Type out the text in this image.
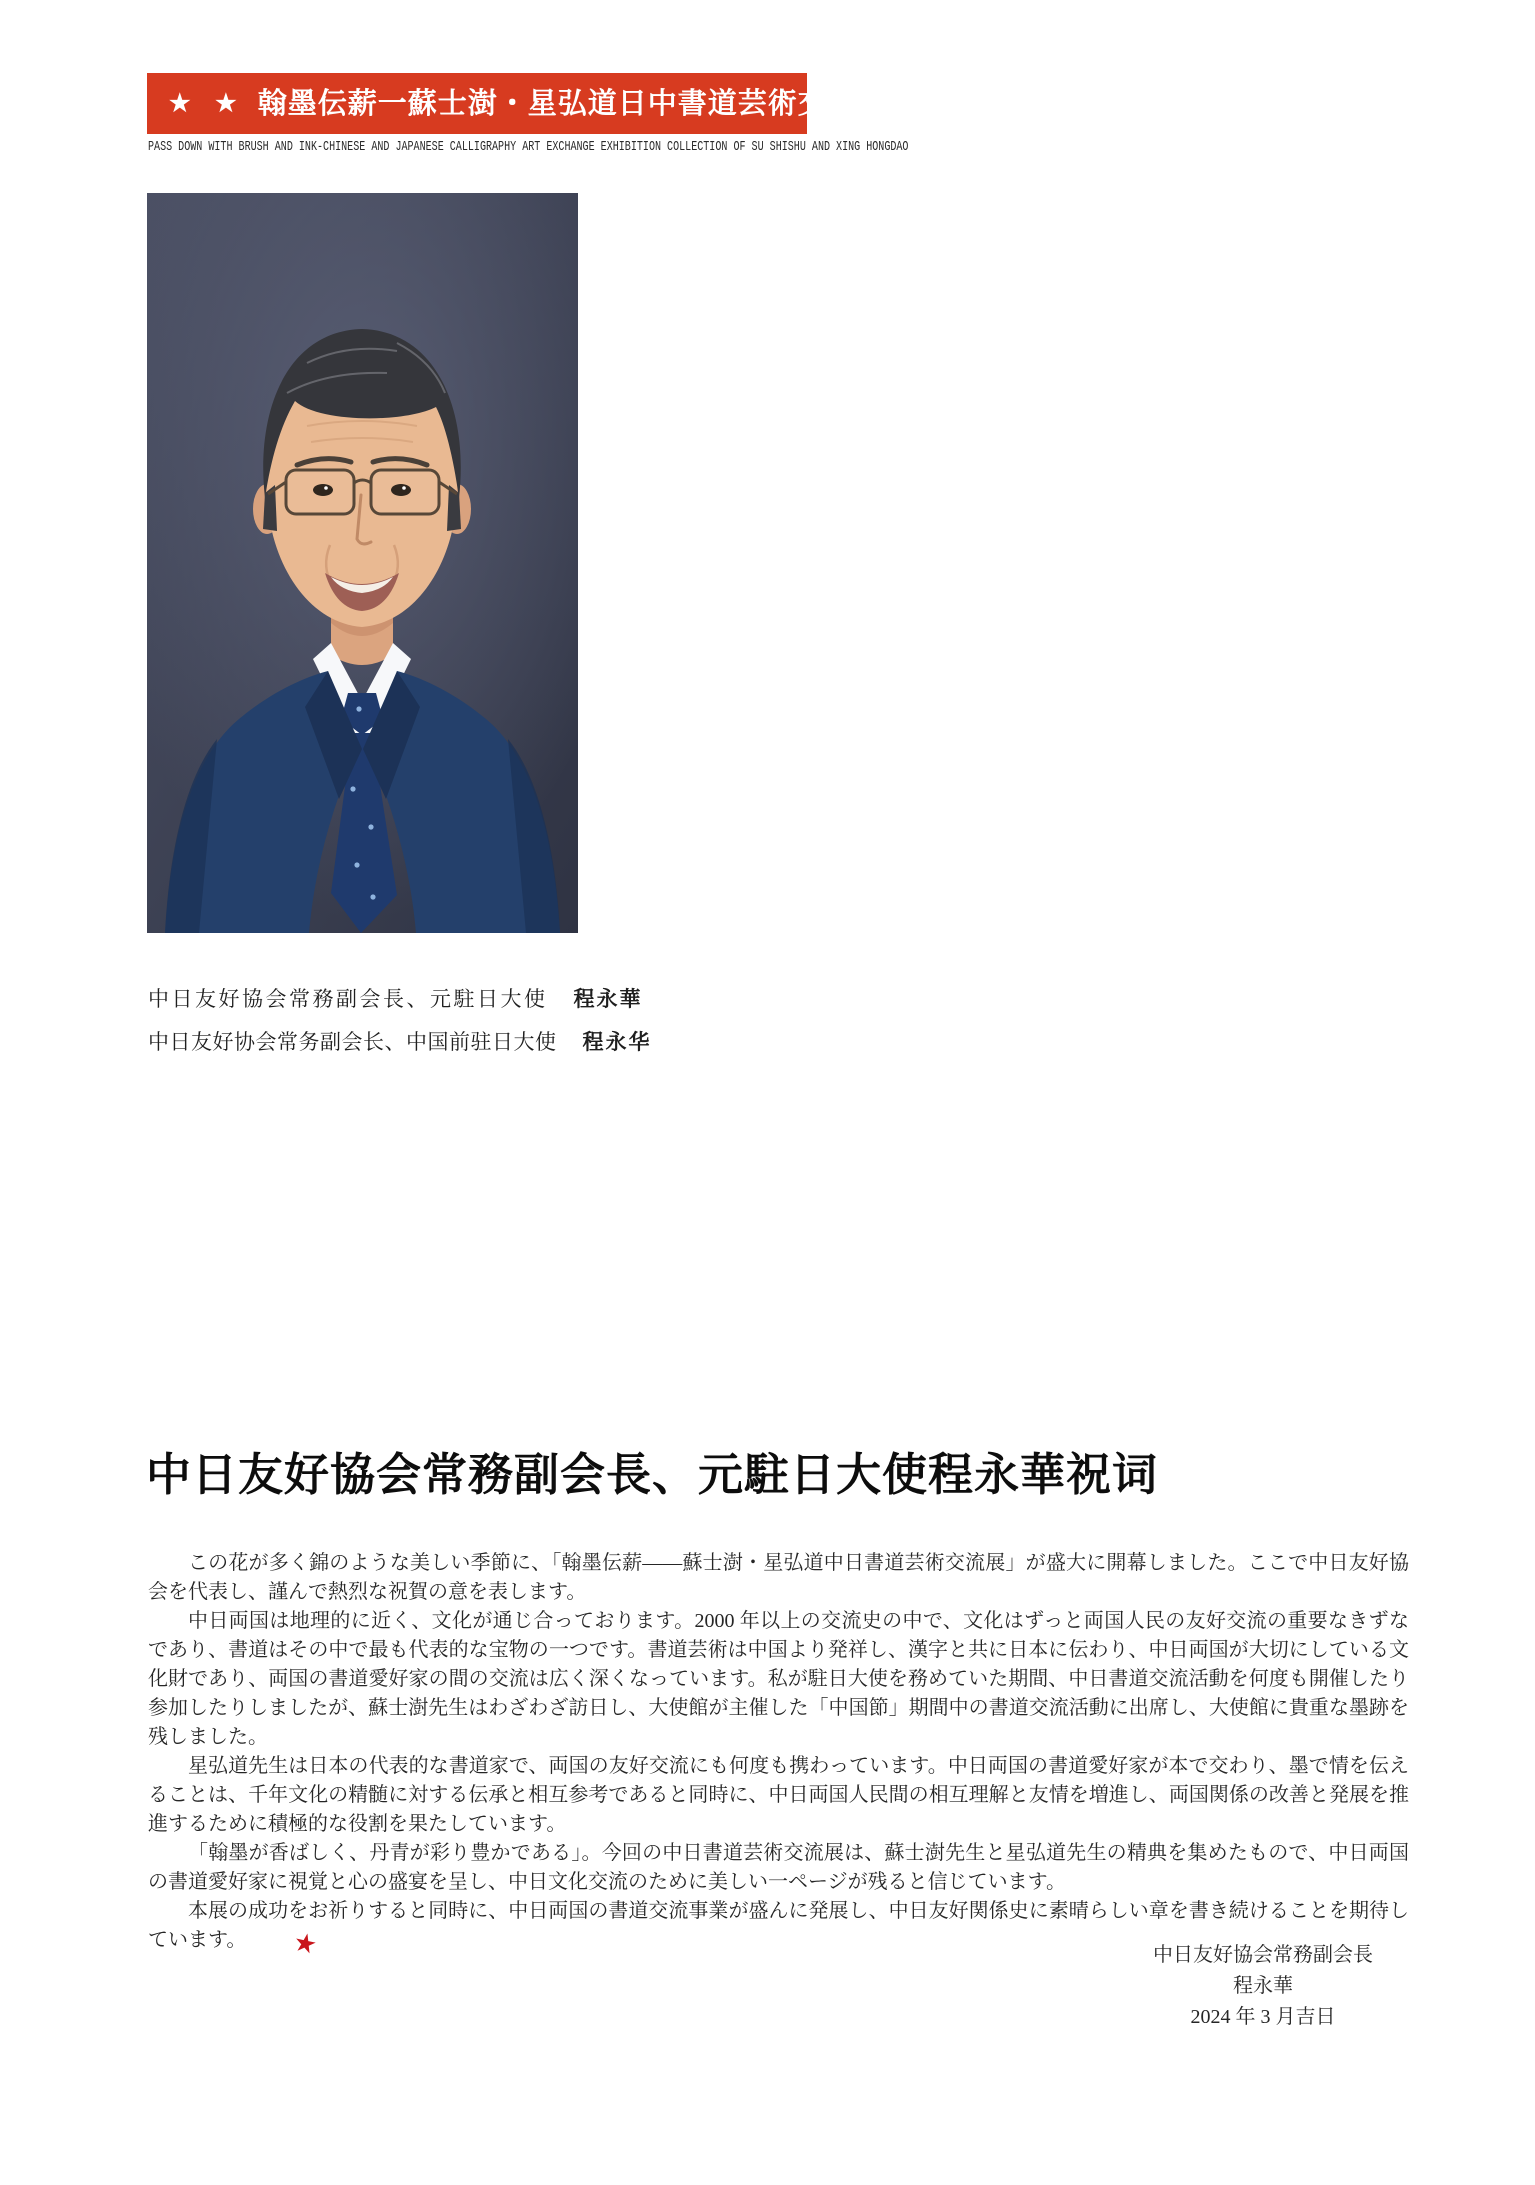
★ ★ 翰墨伝薪一蘇士澍・星弘道日中書道芸術交流展作品集
PASS DOWN WITH BRUSH AND INK-CHINESE AND JAPANESE CALLIGRAPHY ART EXCHANGE EXHIBITION COLLECTION OF SU SHISHU AND XING HONGDAO
中日友好協会常務副会長、元駐日大使 程永華
中日友好协会常务副会长、中国前驻日大使 程永华
中日友好協会常務副会長、元駐日大使程永華祝词

この花が多く錦のような美しい季節に、「翰墨伝薪——蘇士澍・星弘道中日書道芸術交流展」が盛大に開幕しました。ここで中日友好協会を代表し、謹んで熱烈な祝賀の意を表します。

中日両国は地理的に近く、文化が通じ合っております。2000 年以上の交流史の中で、文化はずっと両国人民の友好交流の重要なきずなであり、書道はその中で最も代表的な宝物の一つです。書道芸術は中国より発祥し、漢字と共に日本に伝わり、中日両国が大切にしている文化財であり、両国の書道愛好家の間の交流は広く深くなっています。私が駐日大使を務めていた期間、中日書道交流活動を何度も開催したり参加したりしましたが、蘇士澍先生はわざわざ訪日し、大使館が主催した「中国節」期間中の書道交流活動に出席し、大使館に貴重な墨跡を残しました。

星弘道先生は日本の代表的な書道家で、両国の友好交流にも何度も携わっています。中日両国の書道愛好家が本で交わり、墨で情を伝えることは、千年文化の精髄に対する伝承と相互参考であると同時に、中日両国人民間の相互理解と友情を増進し、両国関係の改善と発展を推進するために積極的な役割を果たしています。

「翰墨が香ばしく、丹青が彩り豊かである」。今回の中日書道芸術交流展は、蘇士澍先生と星弘道先生の精典を集めたもので、中日両国の書道愛好家に視覚と心の盛宴を呈し、中日文化交流のために美しい一ページが残ると信じています。

本展の成功をお祈りすると同時に、中日両国の書道交流事業が盛んに発展し、中日友好関係史に素晴らしい章を書き続けることを期待しています。 ★	中日友好協会常務副会長
程永華
2024 年 3 月吉日
